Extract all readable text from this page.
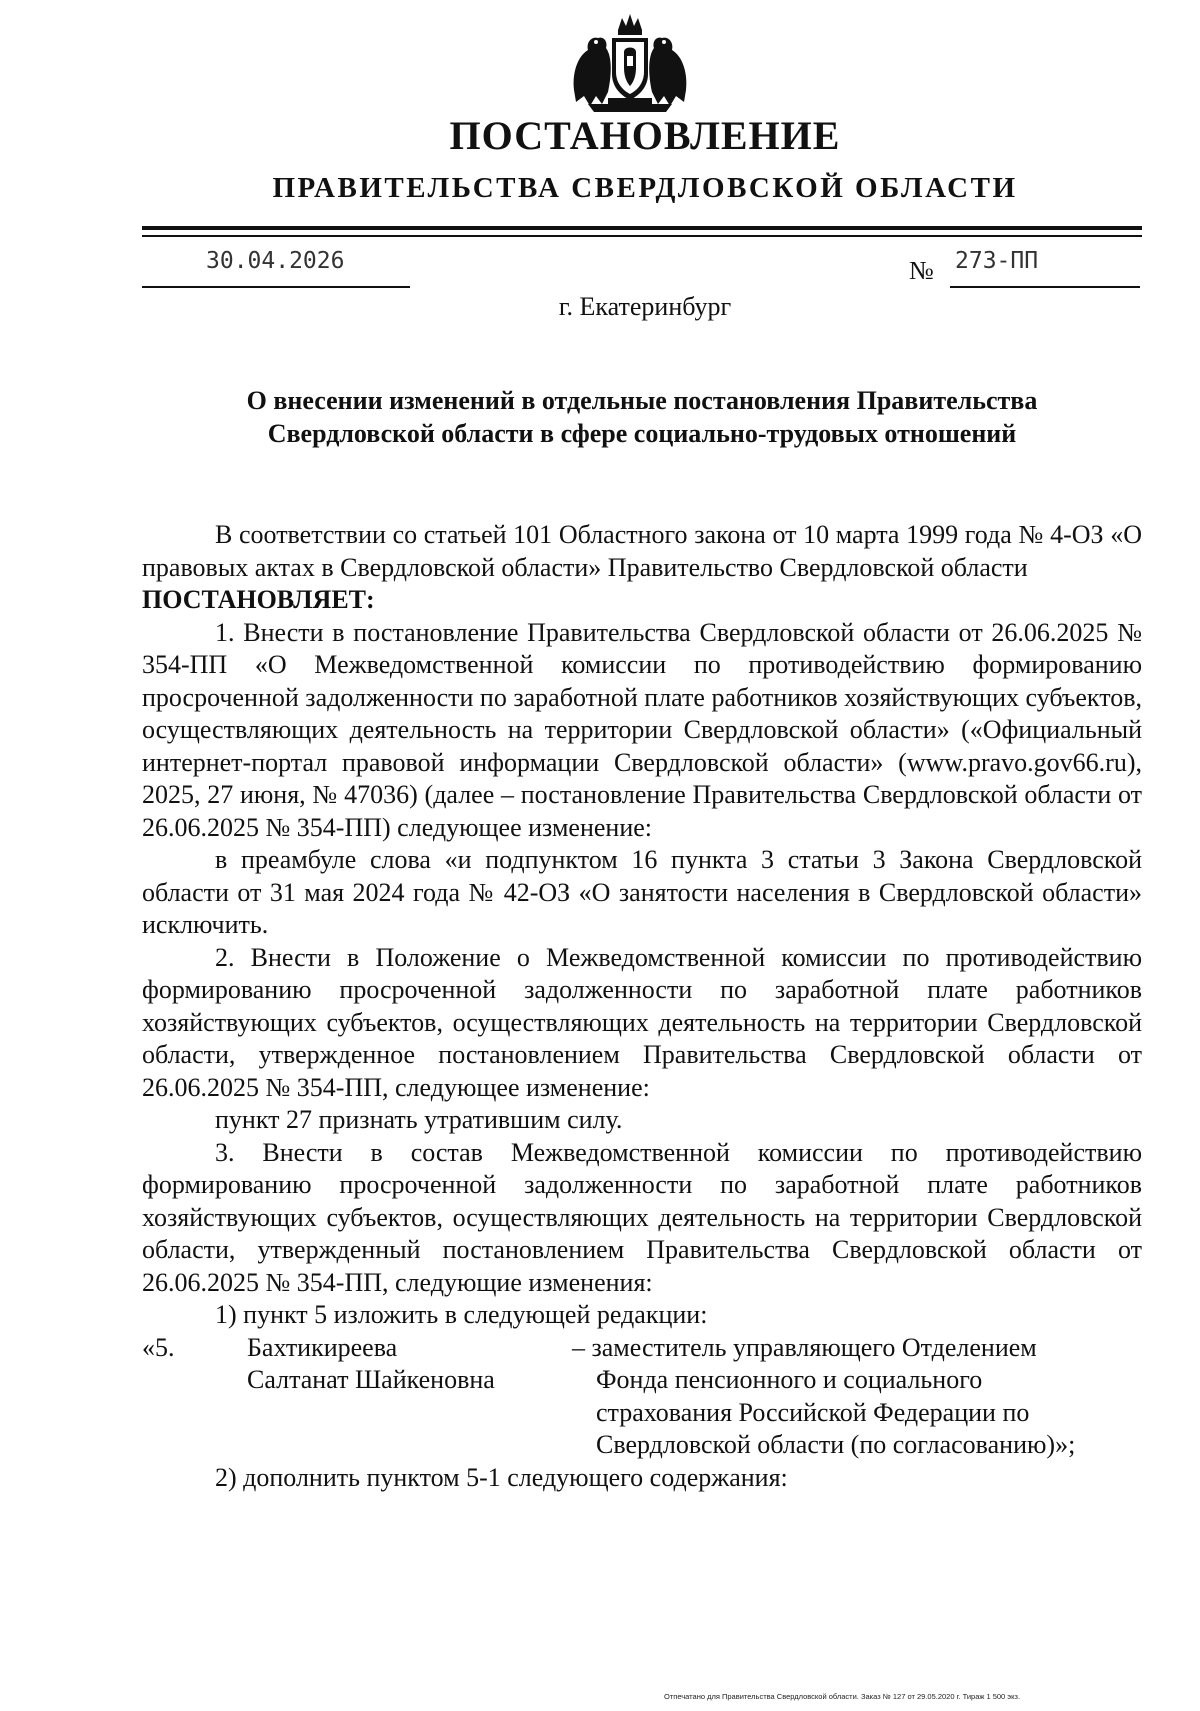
ПОСТАНОВЛЕНИЕ
ПРАВИТЕЛЬСТВА СВЕРДЛОВСКОЙ ОБЛАСТИ
30.04.2026	№ 273-ПП
г. Екатеринбург
О внесении изменений в отдельные постановления Правительства
Свердловской области в сфере социально-трудовых отношений

В соответствии со статьей 101 Областного закона от 10 марта 1999 года № 4-ОЗ «О правовых актах в Свердловской области» Правительство Свердловской области

ПОСТАНОВЛЯЕТ:

1. Внести в постановление Правительства Свердловской области от 26.06.2025 № 354-ПП «О Межведомственной комиссии по противодействию формированию просроченной задолженности по заработной плате работников хозяйствующих субъектов, осуществляющих деятельность на территории Свердловской области» («Официальный интернет-портал правовой информации Свердловской области» (www.pravo.gov66.ru), 2025, 27 июня, № 47036) (далее – постановление Правительства Свердловской области от 26.06.2025 № 354-ПП) следующее изменение:

в преамбуле слова «и подпунктом 16 пункта 3 статьи 3 Закона Свердловской области от 31 мая 2024 года № 42-ОЗ «О занятости населения в Свердловской области» исключить.

2. Внести в Положение о Межведомственной комиссии по противодействию формированию просроченной задолженности по заработной плате работников хозяйствующих субъектов, осуществляющих деятельность на территории Свердловской области, утвержденное постановлением Правительства Свердловской области от 26.06.2025 № 354-ПП, следующее изменение:

пункт 27 признать утратившим силу.

3. Внести в состав Межведомственной комиссии по противодействию формированию просроченной задолженности по заработной плате работников хозяйствующих субъектов, осуществляющих деятельность на территории Свердловской области, утвержденный постановлением Правительства Свердловской области от 26.06.2025 № 354-ПП, следующие изменения:

1) пункт 5 изложить в следующей редакции:

«5.	Бахтикиреева
Салтанат Шайкеновна
– заместитель управляющего Отделением
Фонда пенсионного и социального
страхования Российской Федерации по
Свердловской области (по согласованию)»;

2) дополнить пунктом 5-1 следующего содержания:

Отпечатано для Правительства Свердловской области. Заказ № 127 от 29.05.2020 г. Тираж 1 500 экз.
